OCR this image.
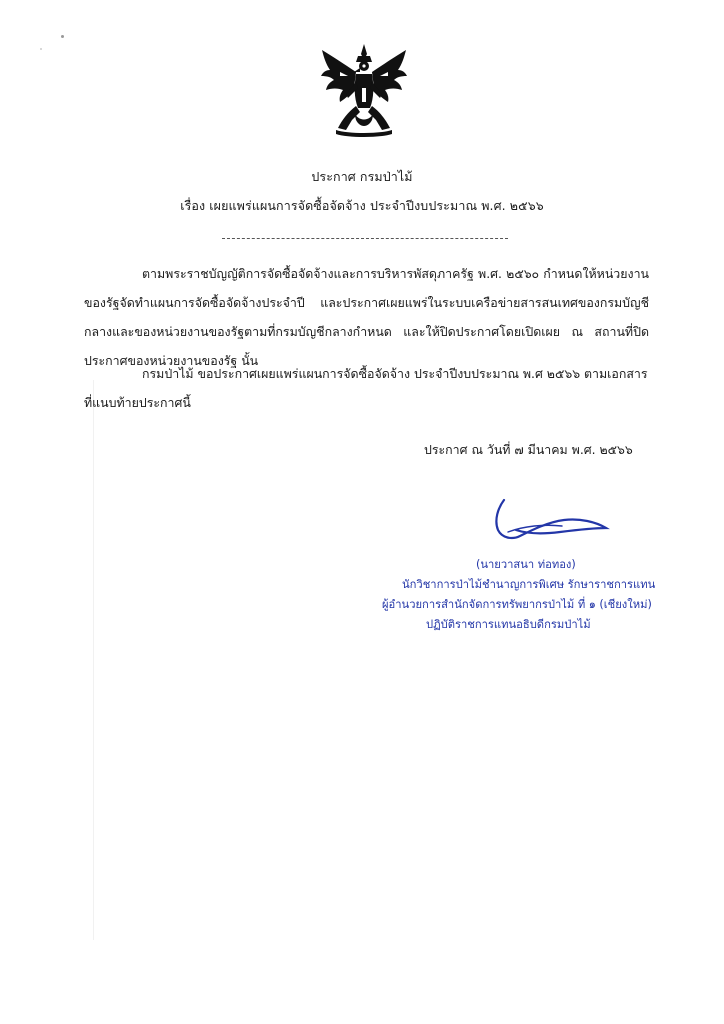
ประกาศ กรมป่าไม้
เรื่อง เผยแพร่แผนการจัดซื้อจัดจ้าง ประจำปีงบประมาณ พ.ศ. ๒๕๖๖
ตามพระราชบัญญัติการจัดซื้อจัดจ้างและการบริหารพัสดุภาครัฐ พ.ศ. ๒๕๖๐ กำหนดให้หน่วยงานของรัฐจัดทำแผนการจัดซื้อจัดจ้างประจำปี และประกาศเผยแพร่ในระบบเครือข่ายสารสนเทศของกรมบัญชีกลางและของหน่วยงานของรัฐตามที่กรมบัญชีกลางกำหนด และให้ปิดประกาศโดยเปิดเผย ณ สถานที่ปิดประกาศของหน่วยงานของรัฐ นั้น
กรมป่าไม้ ขอประกาศเผยแพร่แผนการจัดซื้อจัดจ้าง ประจำปีงบประมาณ พ.ศ ๒๕๖๖ ตามเอกสารที่แนบท้ายประกาศนี้
ประกาศ ณ วันที่ ๗ มีนาคม พ.ศ. ๒๕๖๖
(นายวาสนา ท่อทอง)
นักวิชาการป่าไม้ชำนาญการพิเศษ รักษาราชการแทน
ผู้อำนวยการสำนักจัดการทรัพยากรป่าไม้ ที่ ๑ (เชียงใหม่)
ปฏิบัติราชการแทนอธิบดีกรมป่าไม้
